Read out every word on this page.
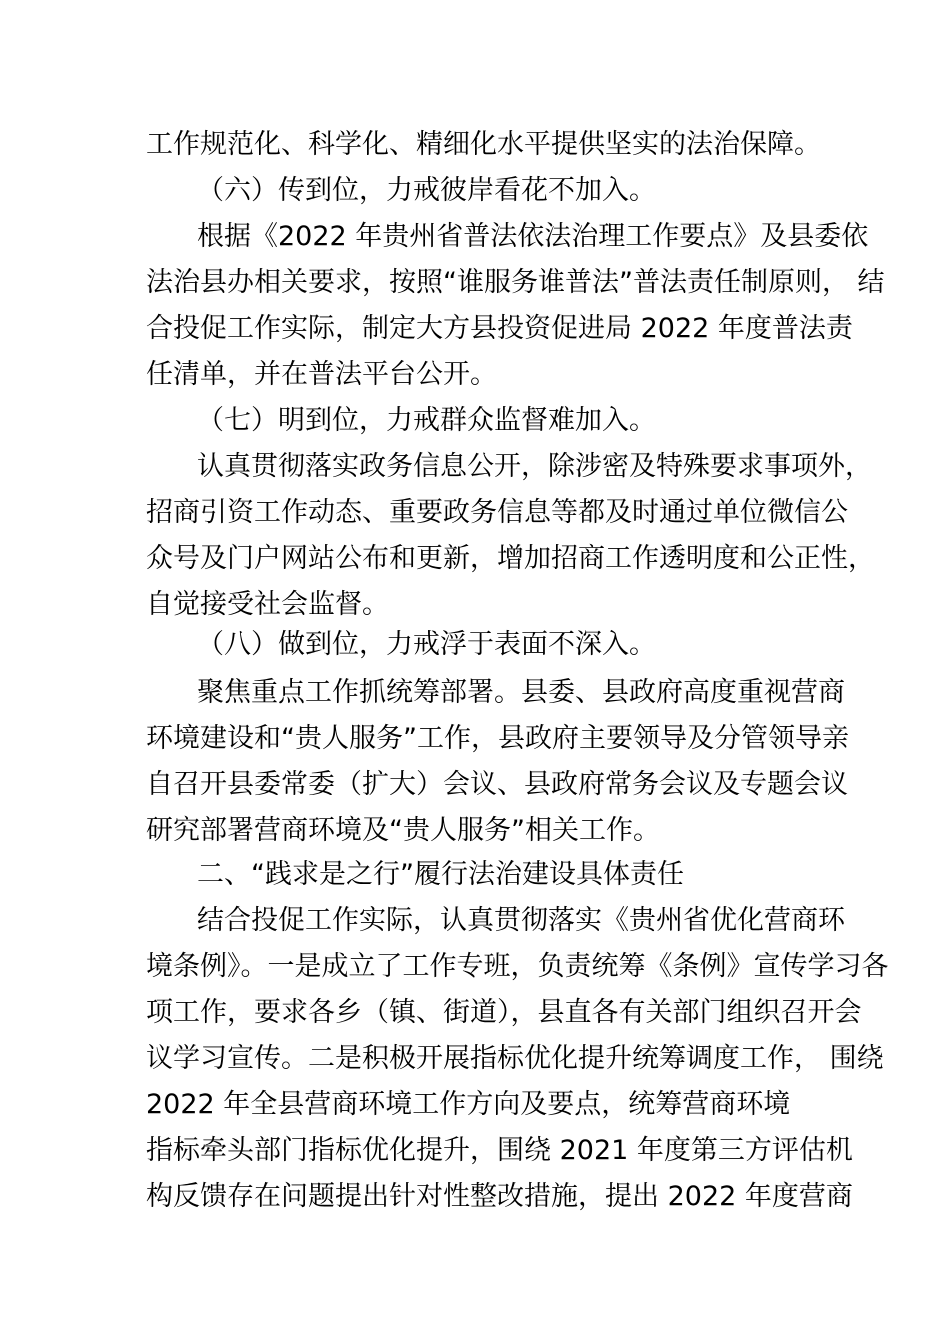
工作规范化、科学化、精细化水平提供坚实的法治保障。
（六）传到位，力戒彼岸看花不加入。
根据《2022 年贵州省普法依法治理工作要点》及县委依
法治县办相关要求，按照“谁服务谁普法”普法责任制原则， 结
合投促工作实际，制定大方县投资促进局 2022 年度普法责
任清单，并在普法平台公开。
（七）明到位，力戒群众监督难加入。
认真贯彻落实政务信息公开，除涉密及特殊要求事项外，
招商引资工作动态、重要政务信息等都及时通过单位微信公
众号及门户网站公布和更新，增加招商工作透明度和公正性，
自觉接受社会监督。
（八）做到位，力戒浮于表面不深入。
聚焦重点工作抓统筹部署。县委、县政府高度重视营商
环境建设和“贵人服务”工作，县政府主要领导及分管领导亲
自召开县委常委（扩大）会议、县政府常务会议及专题会议
研究部署营商环境及“贵人服务”相关工作。
二、“践求是之行”履行法治建设具体责任
结合投促工作实际，认真贯彻落实《贵州省优化营商环
境条例》。一是成立了工作专班，负责统筹《条例》宣传学习各
项工作，要求各乡（镇、街道），县直各有关部门组织召开会
议学习宣传。二是积极开展指标优化提升统筹调度工作， 围绕
2022 年全县营商环境工作方向及要点，统筹营商环境
指标牵头部门指标优化提升，围绕 2021 年度第三方评估机
构反馈存在问题提出针对性整改措施，提出 2022 年度营商
